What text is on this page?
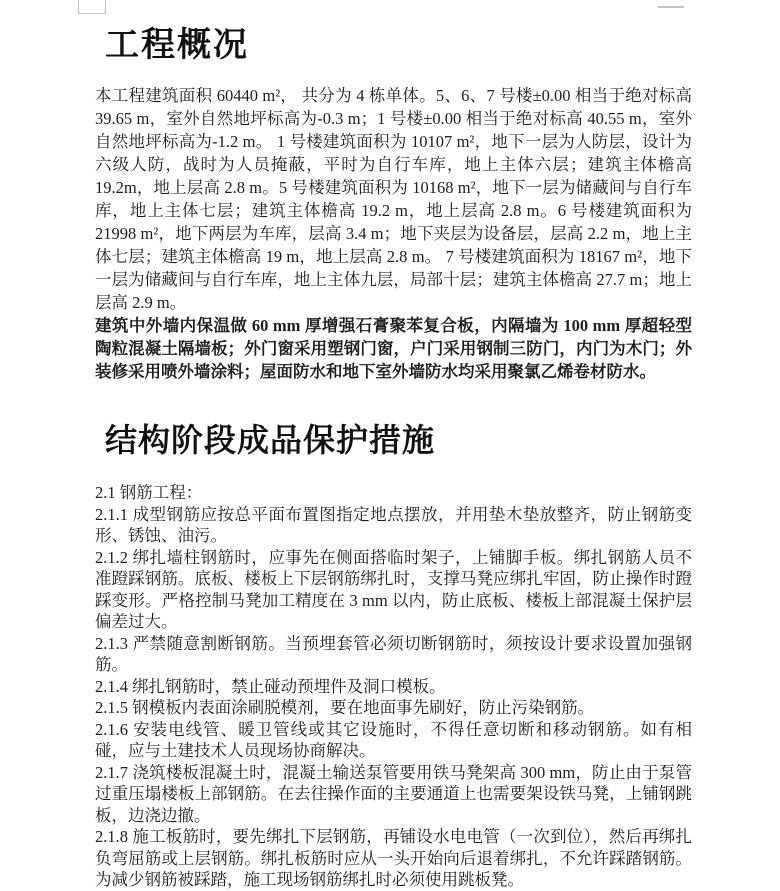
工程概况

本工程建筑面积 60440 m²， 共分为 4 栋单体。5、6、7 号楼±0.00 相当于绝对标高 39.65 m，室外自然地坪标高为-0.3 m；1 号楼±0.00 相当于绝对标高 40.55 m，室外自然地坪标高为-1.2 m。 1 号楼建筑面积为 10107 m²，地下一层为人防层，设计为六级人防，战时为人员掩蔽，平时为自行车库，地上主体六层；建筑主体檐高 19.2m，地上层高 2.8 m。5 号楼建筑面积为 10168 m²，地下一层为储藏间与自行车库，地上主体七层；建筑主体檐高 19.2 m，地上层高 2.8 m。6 号楼建筑面积为 21998 m²，地下两层为车库，层高 3.4 m；地下夹层为设备层，层高 2.2 m，地上主体七层；建筑主体檐高 19 m，地上层高 2.8 m。 7 号楼建筑面积为 18167 m²，地下一层为储藏间与自行车库，地上主体九层，局部十层；建筑主体檐高 27.7 m；地上层高 2.9 m。

建筑中外墙内保温做 60 mm 厚增强石膏聚苯复合板，内隔墙为 100 mm 厚超轻型陶粒混凝土隔墙板；外门窗采用塑钢门窗，户门采用钢制三防门，内门为木门；外装修采用喷外墙涂料；屋面防水和地下室外墙防水均采用聚氯乙烯卷材防水。

结构阶段成品保护措施

2.1 钢筋工程：

2.1.1 成型钢筋应按总平面布置图指定地点摆放，并用垫木垫放整齐，防止钢筋变形、锈蚀、油污。

2.1.2 绑扎墙柱钢筋时，应事先在侧面搭临时架子，上铺脚手板。绑扎钢筋人员不准蹬踩钢筋。底板、楼板上下层钢筋绑扎时，支撑马凳应绑扎牢固，防止操作时蹬踩变形。严格控制马凳加工精度在 3 mm 以内，防止底板、楼板上部混凝土保护层偏差过大。

2.1.3 严禁随意割断钢筋。当预埋套管必须切断钢筋时，须按设计要求设置加强钢筋。

2.1.4 绑扎钢筋时，禁止碰动预埋件及洞口模板。

2.1.5 钢模板内表面涂刷脱模剂，要在地面事先刷好，防止污染钢筋。

2.1.6 安装电线管、暖卫管线或其它设施时，不得任意切断和移动钢筋。如有相碰，应与土建技术人员现场协商解决。

2.1.7 浇筑楼板混凝土时，混凝土输送泵管要用铁马凳架高 300 mm，防止由于泵管过重压塌楼板上部钢筋。在去往操作面的主要通道上也需要架设铁马凳，上铺钢跳板，边浇边撤。

2.1.8 施工板筋时，要先绑扎下层钢筋，再铺设水电电管（一次到位），然后再绑扎负弯屈筋或上层钢筋。绑扎板筋时应从一头开始向后退着绑扎，不允许踩踏钢筋。为减少钢筋被踩踏，施工现场钢筋绑扎时必须使用跳板凳。
